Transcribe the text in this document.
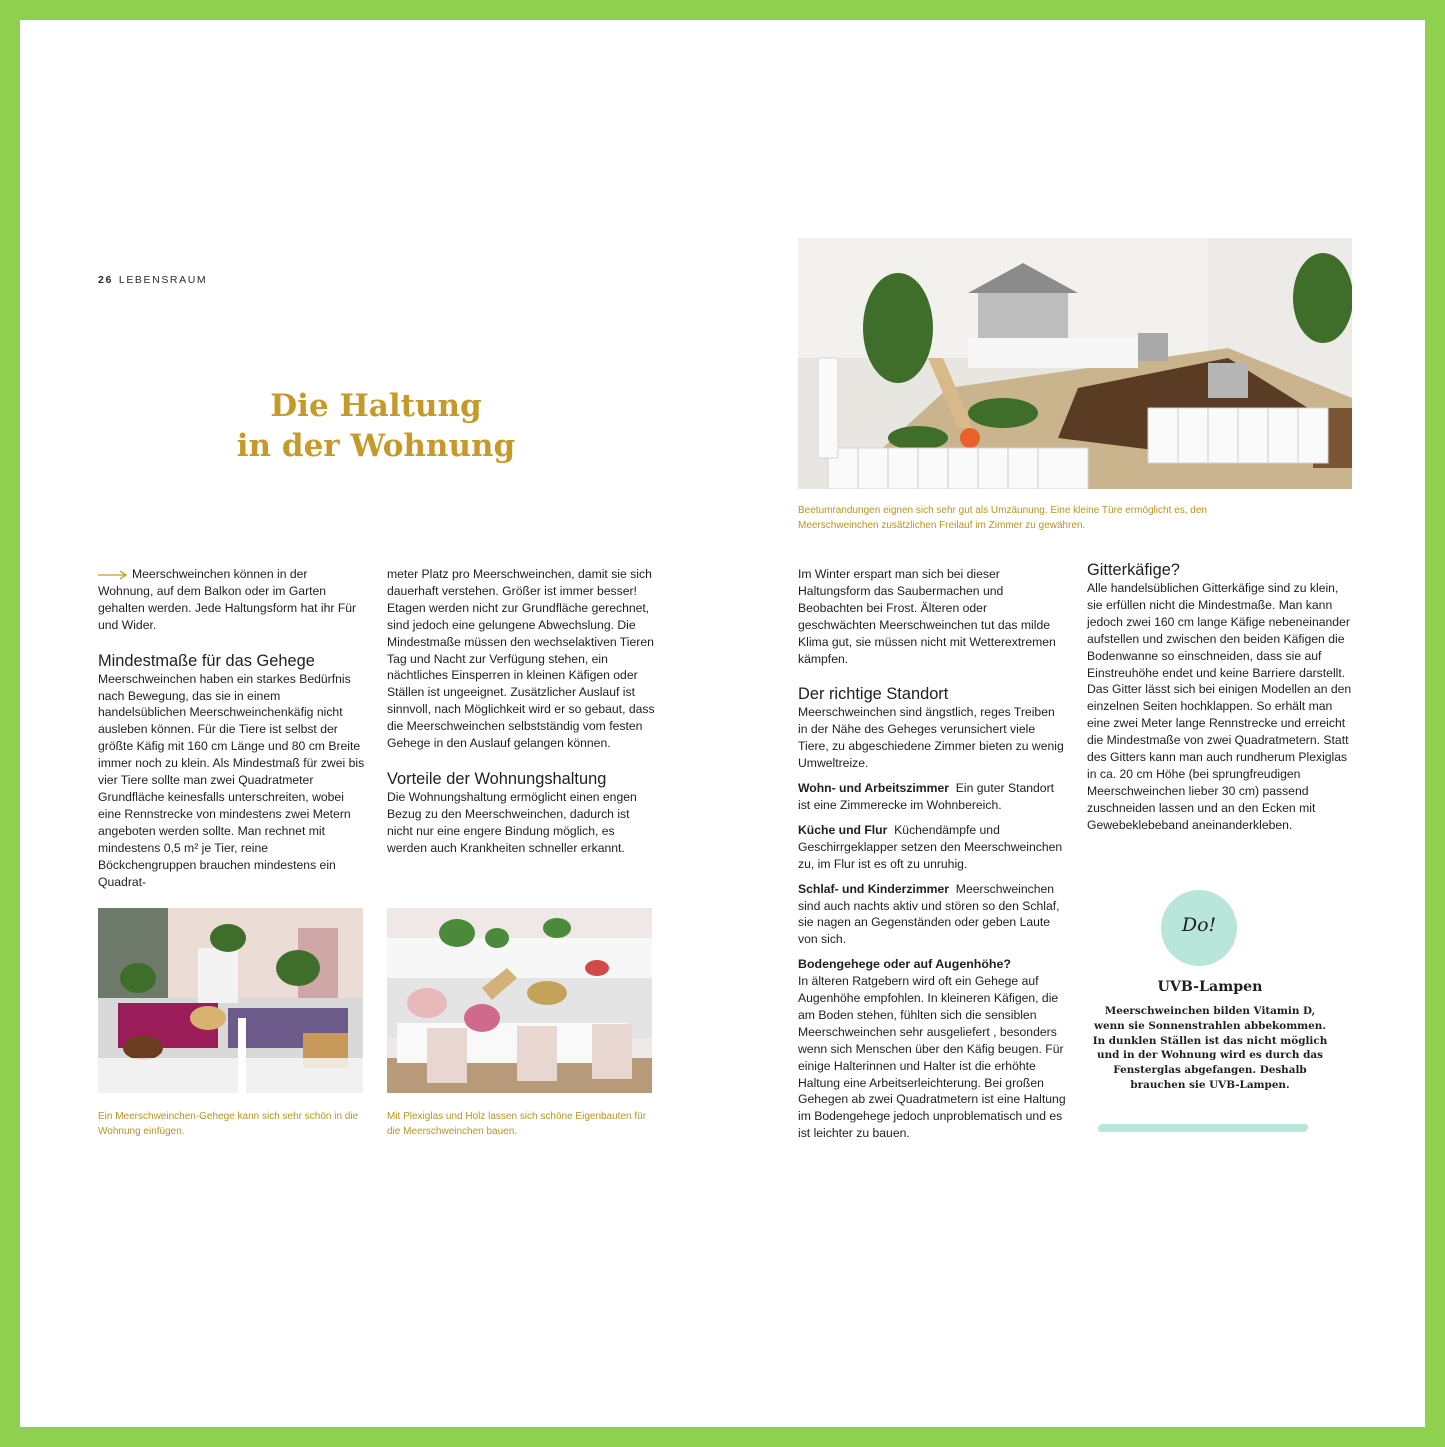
26 LEBENSRAUM
Die Haltung
in der Wohnung
Beetumrandungen eignen sich sehr gut als Umzäunung. Eine kleine Türe ermöglicht es, den Meerschweinchen zusätzlichen Freilauf im Zimmer zu gewähren.

Meerschweinchen können in der Wohnung, auf dem Balkon oder im Garten gehalten werden. Jede Haltungsform hat ihr Für und Wider.

Mindestmaße für das Gehege

Meerschweinchen haben ein starkes Bedürfnis nach Bewegung, das sie in einem handelsüblichen Meerschweinchenkäfig nicht ausleben können. Für die Tiere ist selbst der größte Käfig mit 160 cm Länge und 80 cm Breite immer noch zu klein. Als Mindestmaß für zwei bis vier Tiere sollte man zwei Quadratmeter Grundfläche keinesfalls unterschreiten, wobei eine Rennstrecke von mindestens zwei Metern angeboten werden sollte. Man rechnet mit mindestens 0,5 m² je Tier, reine Böckchengruppen brauchen mindestens ein Quadrat-

meter Platz pro Meerschweinchen, damit sie sich dauerhaft verstehen. Größer ist immer besser! Etagen werden nicht zur Grundfläche gerechnet, sind jedoch eine gelungene Abwechslung. Die Mindestmaße müssen den wechselaktiven Tieren Tag und Nacht zur Verfügung stehen, ein nächtliches Einsperren in kleinen Käfigen oder Ställen ist ungeeignet. Zusätzlicher Auslauf ist sinnvoll, nach Möglichkeit wird er so gebaut, dass die Meerschweinchen selbstständig vom festen Gehege in den Auslauf gelangen können.

Vorteile der Wohnungshaltung

Die Wohnungshaltung ermöglicht einen engen Bezug zu den Meerschweinchen, dadurch ist nicht nur eine engere Bindung möglich, es werden auch Krankheiten schneller erkannt.

Ein Meerschweinchen-Gehege kann sich sehr schön in die Wohnung einfügen.
Mit Plexiglas und Holz lassen sich schöne Eigenbauten für die Meerschweinchen bauen.

Im Winter erspart man sich bei dieser Haltungsform das Saubermachen und Beobachten bei Frost. Älteren oder geschwächten Meerschweinchen tut das milde Klima gut, sie müssen nicht mit Wetterextremen kämpfen.

Der richtige Standort

Meerschweinchen sind ängstlich, reges Treiben in der Nähe des Geheges verunsichert viele Tiere, zu abgeschiedene Zimmer bieten zu wenig Umweltreize.

Wohn- und Arbeitszimmer Ein guter Standort ist eine Zimmerecke im Wohnbereich.

Küche und Flur Küchendämpfe und Geschirrgeklapper setzen den Meerschweinchen zu, im Flur ist es oft zu unruhig.

Schlaf- und Kinderzimmer Meerschweinchen sind auch nachts aktiv und stören so den Schlaf, sie nagen an Gegenständen oder geben Laute von sich.

Bodengehege oder auf Augenhöhe?

In älteren Ratgebern wird oft ein Gehege auf Augenhöhe empfohlen. In kleineren Käfigen, die am Boden stehen, fühlten sich die sensiblen Meerschweinchen sehr ausgeliefert , besonders wenn sich Menschen über den Käfig beugen. Für einige Halterinnen und Halter ist die erhöhte Haltung eine Arbeitserleichterung. Bei großen Gehegen ab zwei Quadratmetern ist eine Haltung im Bodengehege jedoch unproblematisch und es ist leichter zu bauen.

Gitterkäfige?

Alle handelsüblichen Gitterkäfige sind zu klein, sie erfüllen nicht die Mindestmaße. Man kann jedoch zwei 160 cm lange Käfige nebeneinander aufstellen und zwischen den beiden Käfigen die Bodenwanne so einschneiden, dass sie auf Einstreuhöhe endet und keine Barriere darstellt. Das Gitter lässt sich bei einigen Modellen an den einzelnen Seiten hochklappen. So erhält man eine zwei Meter lange Rennstrecke und erreicht die Mindestmaße von zwei Quadratmetern. Statt des Gitters kann man auch rundherum Plexiglas in ca. 20 cm Höhe (bei sprungfreudigen Meerschweinchen lieber 30 cm) passend zuschneiden lassen und an den Ecken mit Gewebeklebeband aneinanderkleben.

Do!
UVB-Lampen
Meerschweinchen bilden Vitamin D, wenn sie Sonnenstrahlen abbekommen. In dunklen Ställen ist das nicht möglich und in der Wohnung wird es durch das Fensterglas abgefangen. Deshalb brauchen sie UVB-Lampen.
